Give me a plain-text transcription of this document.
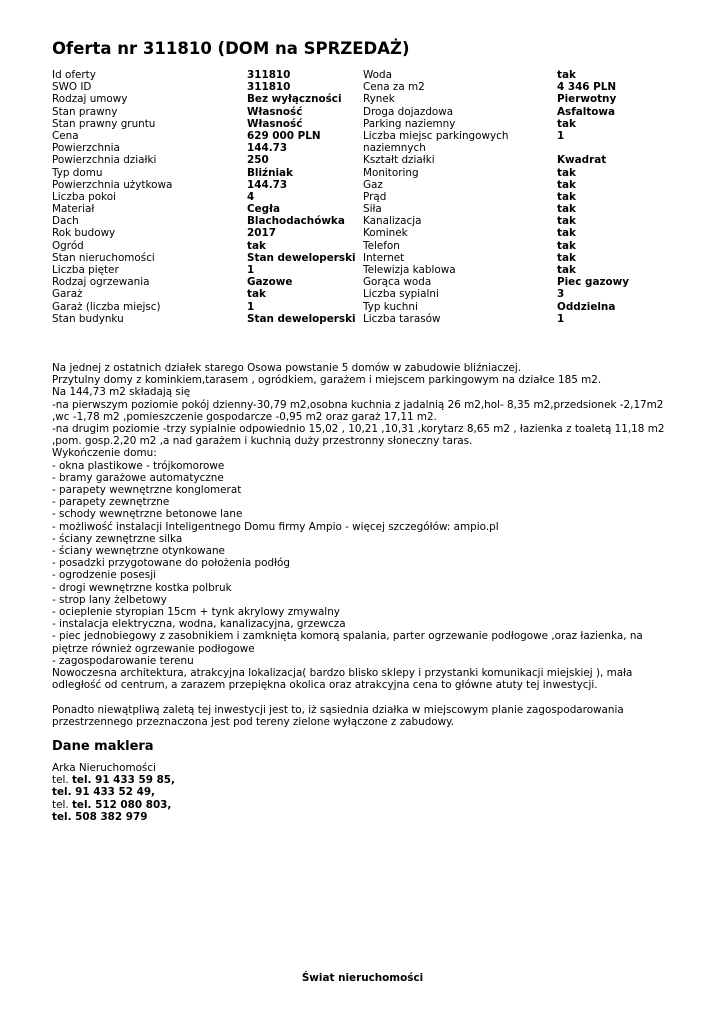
Oferta nr 311810 (DOM na SPRZEDAŻ)
Id oferty
SWO ID
Rodzaj umowy
Stan prawny
Stan prawny gruntu
Cena
Powierzchnia
Powierzchnia działki
Typ domu
Powierzchnia użytkowa
Liczba pokoi
Materiał
Dach
Rok budowy
Ogród
Stan nieruchomości
Liczba pięter
Rodzaj ogrzewania
Garaż
Garaż (liczba miejsc)
Stan budynku
311810
311810
Bez wyłączności
Własność
Własność
629 000 PLN
144.73
250
Bliźniak
144.73
4
Cegła
Blachodachówka
2017
tak
Stan deweloperski
1
Gazowe
tak
1
Stan deweloperski
Woda
Cena za m2
Rynek
Droga dojazdowa
Parking naziemny
Liczba miejsc parkingowych naziemnych
Kształt działki
Monitoring
Gaz
Prąd
Siła
Kanalizacja
Kominek
Telefon
Internet
Telewizja kablowa
Gorąca woda
Liczba sypialni
Typ kuchni
Liczba tarasów
tak
4 346 PLN
Pierwotny
Asfaltowa
tak
1
Kwadrat
tak
tak
tak
tak
tak
tak
tak
tak
tak
Piec gazowy
3
Oddzielna
1
Na jednej z ostatnich działek starego Osowa powstanie 5 domów w zabudowie bliźniaczej.
Przytulny domy z kominkiem,tarasem , ogródkiem, garażem i miejscem parkingowym na działce 185 m2.
Na 144,73 m2 składają się
-na pierwszym poziomie pokój dzienny-30,79 m2,osobna kuchnia z jadalnią 26 m2,hol- 8,35 m2,przedsionek -2,17m2 ,wc -1,78 m2 ,pomieszczenie gospodarcze -0,95 m2 oraz garaż 17,11 m2.
-na drugim poziomie -trzy sypialnie odpowiednio 15,02 , 10,21 ,10,31 ,korytarz 8,65 m2 , łazienka z toaletą 11,18 m2 ,pom. gosp.2,20 m2 ,a nad garażem i kuchnią duży przestronny słoneczny taras.
Wykończenie domu:
- okna plastikowe - trójkomorowe
- bramy garażowe automatyczne
- parapety wewnętrzne konglomerat
- parapety zewnętrzne
- schody wewnętrzne betonowe lane
- możliwość instalacji Inteligentnego Domu firmy Ampio - więcej szczegółów: ampio.pl
- ściany zewnętrzne silka
- ściany wewnętrzne otynkowane
- posadzki przygotowane do położenia podłóg
- ogrodzenie posesji
- drogi wewnętrzne kostka polbruk
- strop lany żelbetowy
- ocieplenie styropian 15cm + tynk akrylowy zmywalny
- instalacja elektryczna, wodna, kanalizacyjna, grzewcza
- piec jednobiegowy z zasobnikiem i zamknięta komorą spalania, parter ogrzewanie podłogowe ,oraz łazienka, na piętrze również ogrzewanie podłogowe
- zagospodarowanie terenu
Nowoczesna architektura, atrakcyjna lokalizacja( bardzo blisko sklepy i przystanki komunikacji miejskiej ), mała odległość od centrum, a zarazem przepiękna okolica oraz atrakcyjna cena to główne atuty tej inwestycji.
Ponadto niewątpliwą zaletą tej inwestycji jest to, iż sąsiednia działka w miejscowym planie zagospodarowania przestrzennego przeznaczona jest pod tereny zielone wyłączone z zabudowy.
Dane maklera
Arka Nieruchomości
tel. tel. 91 433 59 85,
tel. 91 433 52 49,
tel. tel. 512 080 803,
tel. 508 382 979
Świat nieruchomości
